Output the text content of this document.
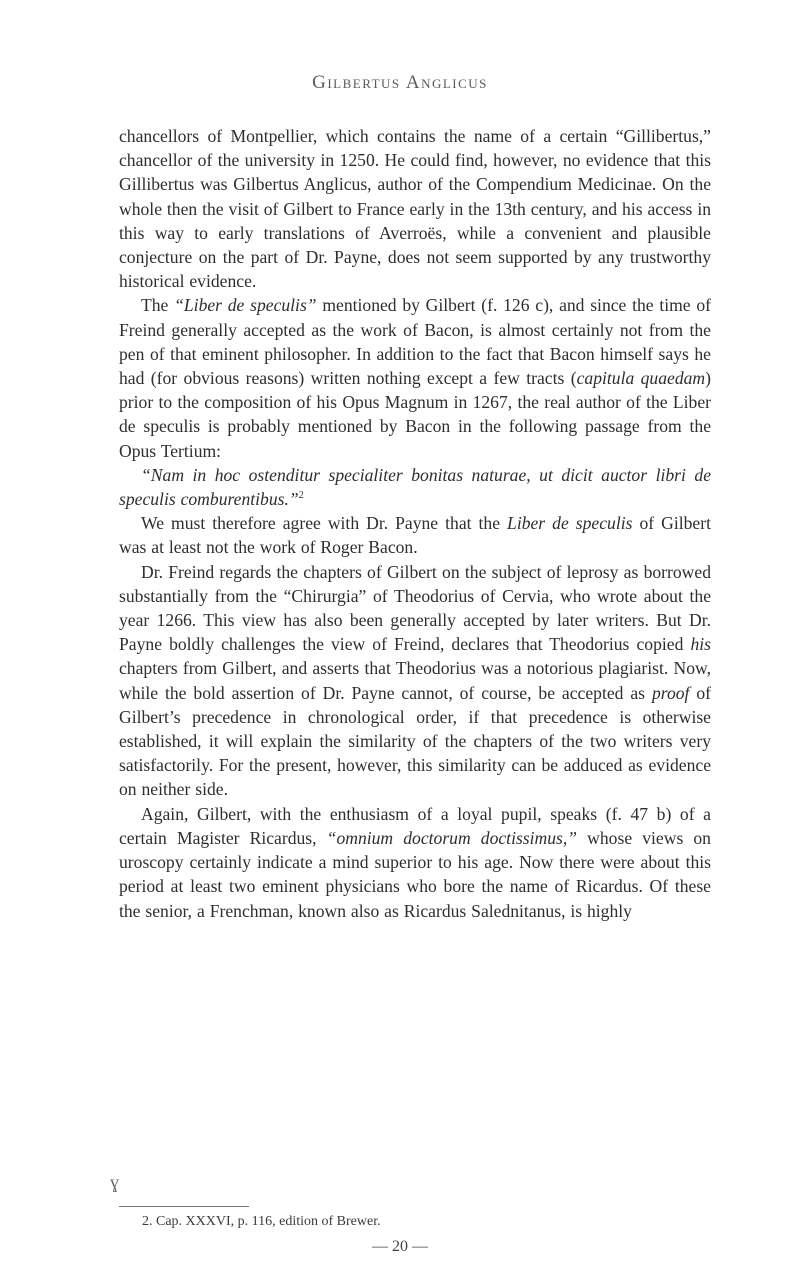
Gilbertus Anglicus

chancellors of Montpellier, which contains the name of a certain “Gillibertus,” chancellor of the university in 1250. He could find, however, no evidence that this Gillibertus was Gilbertus Anglicus, author of the Compendium Medicinae. On the whole then the visit of Gilbert to France early in the 13th century, and his access in this way to early translations of Averroës, while a convenient and plausible conjecture on the part of Dr. Payne, does not seem supported by any trustworthy historical evidence.

The “Liber de speculis” mentioned by Gilbert (f. 126 c), and since the time of Freind generally accepted as the work of Bacon, is almost certainly not from the pen of that eminent philosopher. In addition to the fact that Bacon himself says he had (for obvious reasons) written nothing except a few tracts (capitula quaedam) prior to the composition of his Opus Magnum in 1267, the real author of the Liber de speculis is probably mentioned by Bacon in the following passage from the Opus Tertium:

“Nam in hoc ostenditur specialiter bonitas naturae, ut dicit auctor libri de speculis comburentibus.”$^2$

We must therefore agree with Dr. Payne that the Liber de speculis of Gilbert was at least not the work of Roger Bacon.

Dr. Freind regards the chapters of Gilbert on the subject of leprosy as borrowed substantially from the “Chirurgia” of Theodorius of Cervia, who wrote about the year 1266. This view has also been generally accepted by later writers. But Dr. Payne boldly challenges the view of Freind, declares that Theodorius copied his chapters from Gilbert, and asserts that Theodorius was a notorious plagiarist. Now, while the bold assertion of Dr. Payne cannot, of course, be accepted as proof of Gilbert’s precedence in chronological order, if that precedence is otherwise established, it will explain the similarity of the chapters of the two writers very satisfactorily. For the present, however, this similarity can be adduced as evidence on neither side.

Again, Gilbert, with the enthusiasm of a loyal pupil, speaks (f. 47 b) of a certain Magister Ricardus, “omnium doctorum doctissimus,” whose views on uroscopy certainly indicate a mind superior to his age. Now there were about this period at least two eminent physicians who bore the name of Ricardus. Of these the senior, a Frenchman, known also as Ricardus Salednitanus, is highly

ɣ
2. Cap. XXXVI, p. 116, edition of Brewer.
— 20 —
